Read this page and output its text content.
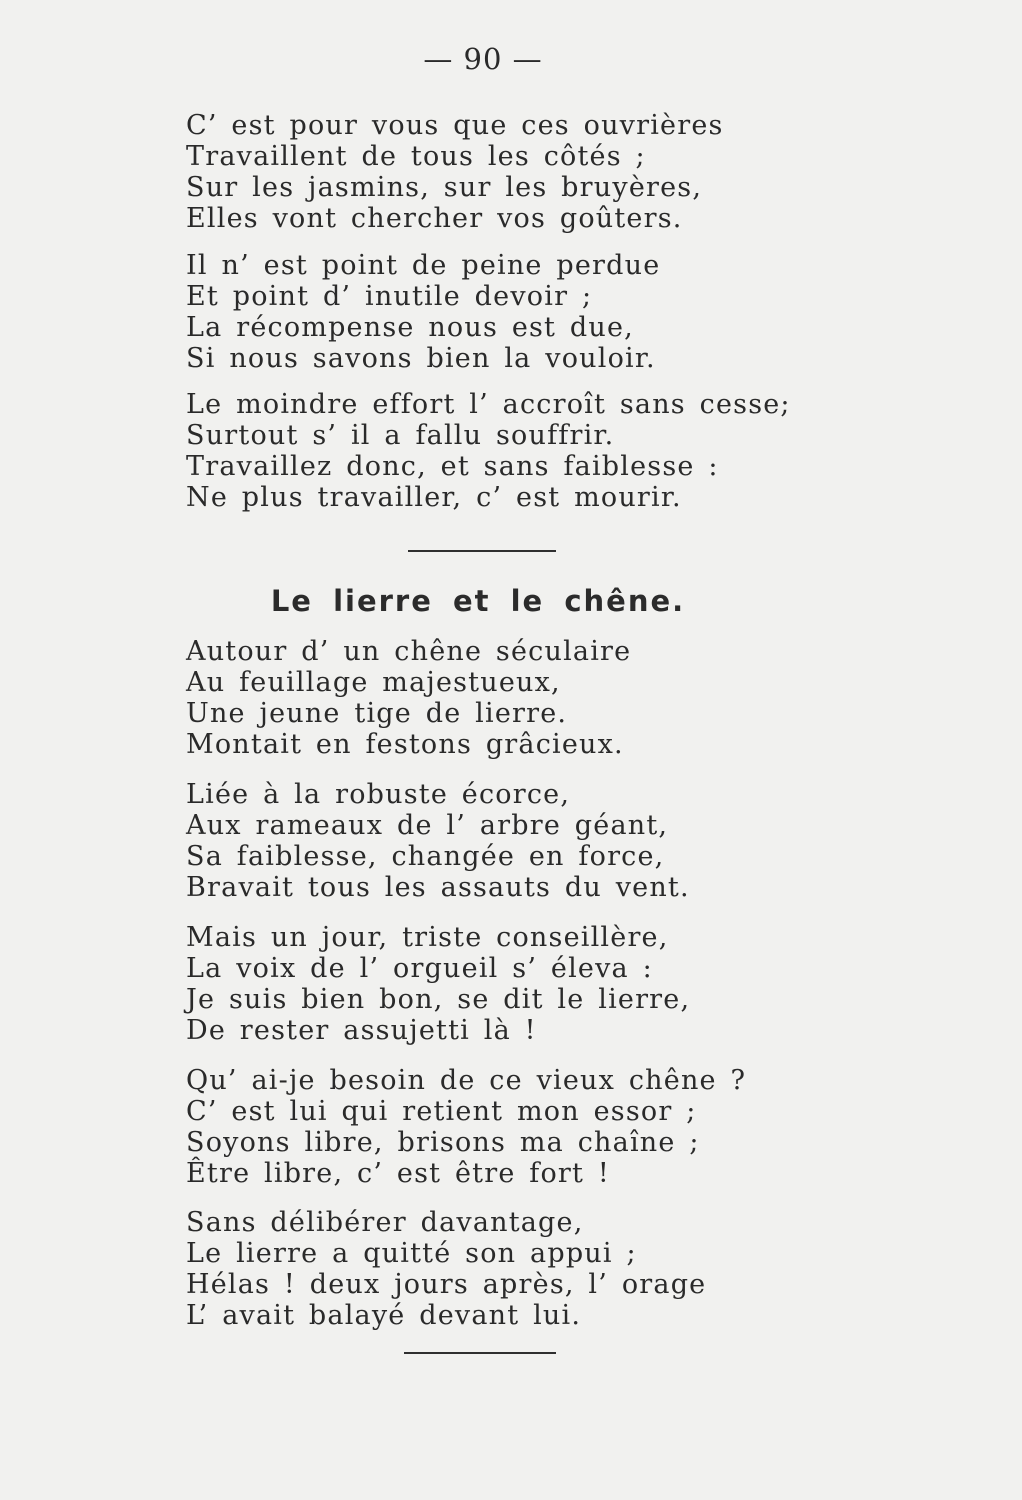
— 90 —
C’ est pour vous que ces ouvrières
Travaillent de tous les côtés ;
Sur les jasmins, sur les bruyères,
Elles vont chercher vos goûters.
Il n’ est point de peine perdue
Et point d’ inutile devoir ;
La récompense nous est due,
Si nous savons bien la vouloir.
Le moindre effort l’ accroît sans cesse;
Surtout s’ il a fallu souffrir.
Travaillez donc, et sans faiblesse :
Ne plus travailler, c’ est mourir.
Le lierre et le chêne.
Autour d’ un chêne séculaire
Au feuillage majestueux,
Une jeune tige de lierre.
Montait en festons grâcieux.
Liée à la robuste écorce,
Aux rameaux de l’ arbre géant,
Sa faiblesse, changée en force,
Bravait tous les assauts du vent.
Mais un jour, triste conseillère,
La voix de l’ orgueil s’ éleva :
Je suis bien bon, se dit le lierre,
De rester assujetti là !
Qu’ ai-je besoin de ce vieux chêne ?
C’ est lui qui retient mon essor ;
Soyons libre, brisons ma chaîne ;
Être libre, c’ est être fort !
Sans délibérer davantage,
Le lierre a quitté son appui ;
Hélas ! deux jours après, l’ orage
L’ avait balayé devant lui.
